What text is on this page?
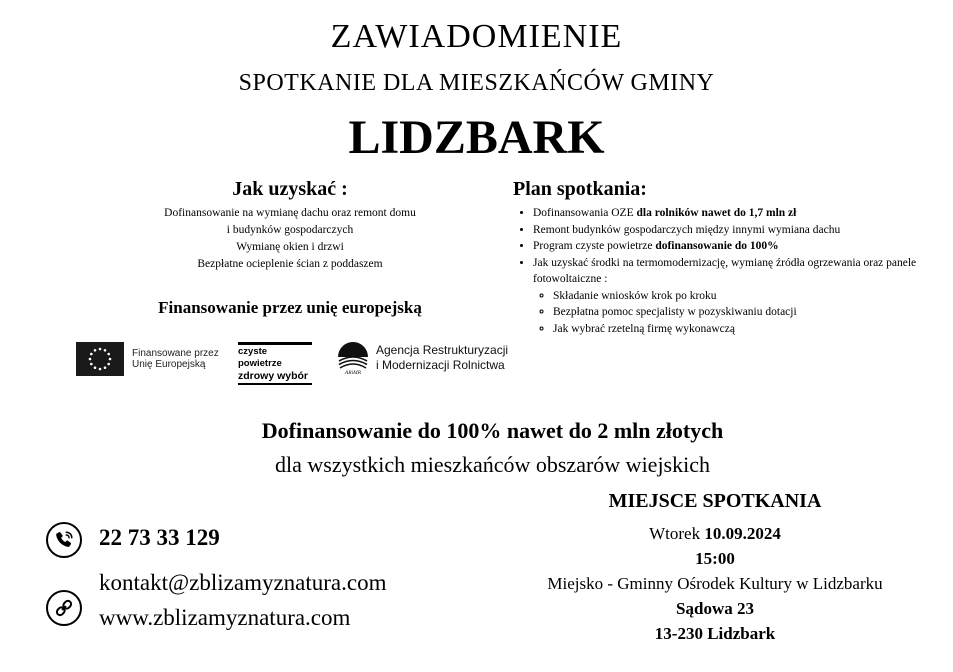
ZAWIADOMIENIE
SPOTKANIE DLA MIESZKAŃCÓW GMINY
LIDZBARK
Jak uzyskać :
Dofinansowanie na wymianę dachu oraz remont domu
i budynków gospodarczych
Wymianę okien i drzwi
Bezpłatne ocieplenie ścian z poddaszem
Finansowanie przez unię europejską
Finansowane przez
Unię Europejską
czyste powietrze
zdrowy wybór	ARiMR
Agencja Restrukturyzacji
i Modernizacji Rolnictwa
Plan spotkania:
• Dofinansowania OZE dla rolników nawet do 1,7 mln zł
• Remont budynków gospodarczych między innymi wymiana dachu
• Program czyste powietrze dofinansowanie do 100%
• Jak uzyskać środki na termomodernizację, wymianę źródła ogrzewania oraz panele fotowoltaiczne :
◦ Składanie wniosków krok po kroku
◦ Bezpłatna pomoc specjalisty w pozyskiwaniu dotacji
◦ Jak wybrać rzetelną firmę wykonawczą
Dofinansowanie do 100% nawet do 2 mln złotych
dla wszystkich mieszkańców obszarów wiejskich
22 73 33 129
kontakt@zblizamyznatura.com
www.zblizamyznatura.com
MIEJSCE SPOTKANIA
Wtorek 10.09.2024
15:00
Miejsko - Gminny Ośrodek Kultury w Lidzbarku
Sądowa 23
13-230 Lidzbark
